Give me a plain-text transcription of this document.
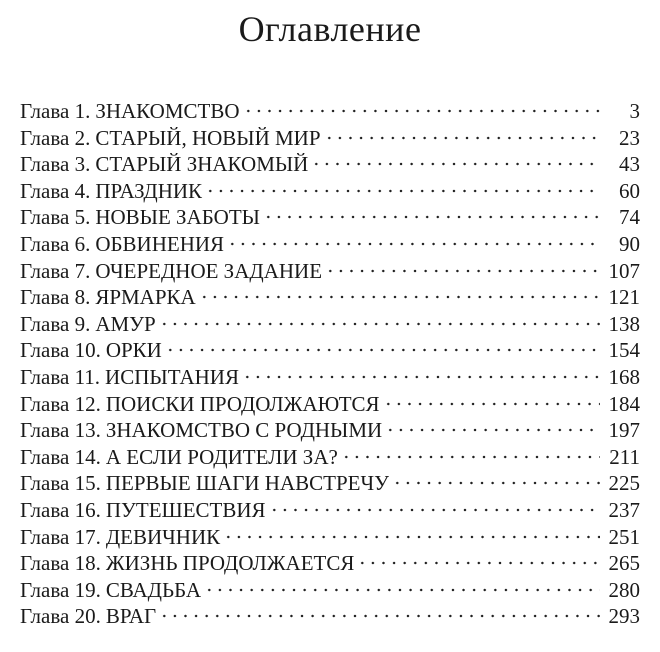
Оглавление
Глава 1. ЗНАКОМСТВО	3
Глава 2. СТАРЫЙ, НОВЫЙ МИР	23
Глава 3. СТАРЫЙ ЗНАКОМЫЙ	43
Глава 4. ПРАЗДНИК	60
Глава 5. НОВЫЕ ЗАБОТЫ	74
Глава 6. ОБВИНЕНИЯ	90
Глава 7. ОЧЕРЕДНОЕ ЗАДАНИЕ	107
Глава 8. ЯРМАРКА	121
Глава 9. АМУР	138
Глава 10. ОРКИ	154
Глава 11. ИСПЫТАНИЯ	168
Глава 12. ПОИСКИ ПРОДОЛЖАЮТСЯ	184
Глава 13. ЗНАКОМСТВО С РОДНЫМИ	197
Глава 14. А ЕСЛИ РОДИТЕЛИ ЗА?	211
Глава 15. ПЕРВЫЕ ШАГИ НАВСТРЕЧУ	225
Глава 16. ПУТЕШЕСТВИЯ	237
Глава 17. ДЕВИЧНИК	251
Глава 18. ЖИЗНЬ ПРОДОЛЖАЕТСЯ	265
Глава 19. СВАДЬБА	280
Глава 20. ВРАГ	293
